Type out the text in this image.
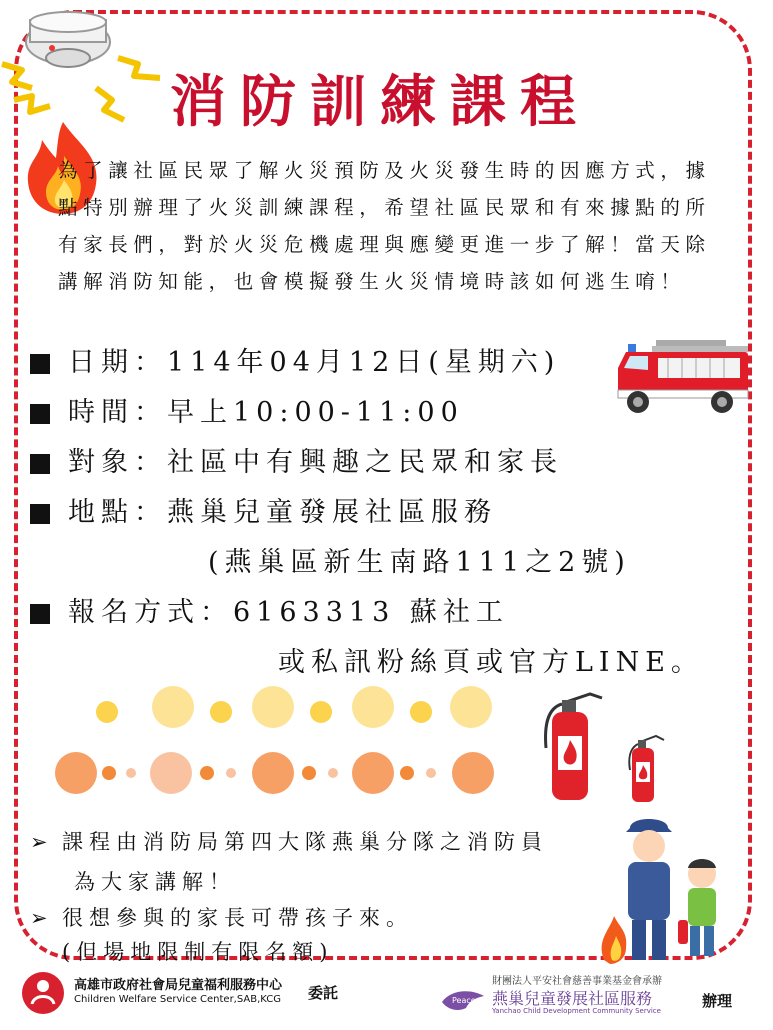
消防訓練課程
為了讓社區民眾了解火災預防及火災發生時的因應方式，據點特別辦理了火災訓練課程，希望社區民眾和有來據點的所有家長們，對於火災危機處理與應變更進一步了解！當天除講解消防知能，也會模擬發生火災情境時該如何逃生唷！
日期：114年04月12日(星期六)
時間：早上10:00-11:00
對象：社區中有興趣之民眾和家長
地點：燕巢兒童發展社區服務
(燕巢區新生南路111之2號)
報名方式：6163313 蘇社工
或私訊粉絲頁或官方LINE。
➢ 課程由消防局第四大隊燕巢分隊之消防員
為大家講解！
➢ 很想參與的家長可帶孩子來。
(但場地限制有限名額)
高雄市政府社會局兒童福利服務中心
Children Welfare Service Center,SAB,KCG 委託	Peace
財團法人平安社會慈善事業基金會承辦
燕巢兒童發展社區服務
Yanchao Child Development Community Service
辦理
